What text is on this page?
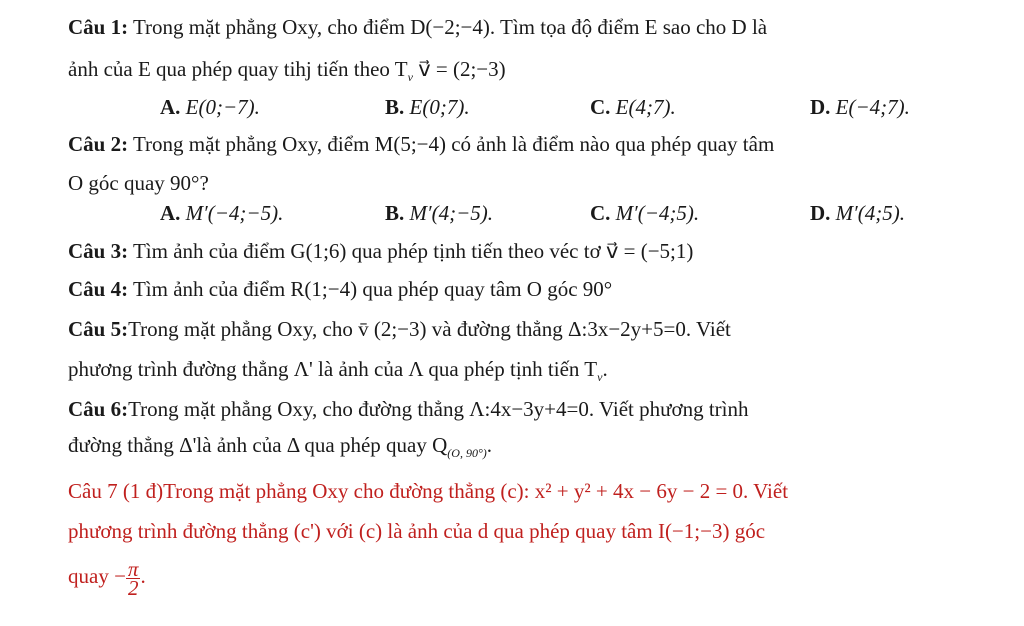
Câu 1: Trong mặt phẳng Oxy, cho điểm D(−2;−4). Tìm tọa độ điểm E sao cho D là
ảnh của E qua phép quay tihj tiến theo $T_v$ v⃗ = (2;−3)
A. E(0;−7).	B. E(0;7).	C. E(4;7).	D. E(−4;7).
Câu 2: Trong mặt phẳng Oxy, điểm M(5;−4) có ảnh là điểm nào qua phép quay tâm
O góc quay 90°?
A. M′(−4;−5).	B. M′(4;−5).	C. M′(−4;5).	D. M′(4;5).
Câu 3: Tìm ảnh của điểm G(1;6) qua phép tịnh tiến theo véc tơ v⃗ = (−5;1)
Câu 4: Tìm ảnh của điểm R(1;−4) qua phép quay tâm O góc 90°
Câu 5:Trong mặt phẳng Oxy, cho v̄ (2;−3) và đường thẳng Δ:3x−2y+5=0. Viết
phương trình đường thẳng Λ' là ảnh của Λ qua phép tịnh tiến $T_v$.
Câu 6:Trong mặt phẳng Oxy, cho đường thẳng Λ:4x−3y+4=0. Viết phương trình
đường thẳng Δ'là ảnh của Δ qua phép quay $Q_{(O, 90^\circ)}$.
Câu 7 (1 đ)Trong mặt phẳng Oxy cho đường thẳng (c): x² + y² + 4x − 6y − 2 = 0. Viết
phương trình đường thẳng (c') với (c) là ảnh của d qua phép quay tâm I(−1;−3) góc
quay − $\frac{\pi}{2}$ .
